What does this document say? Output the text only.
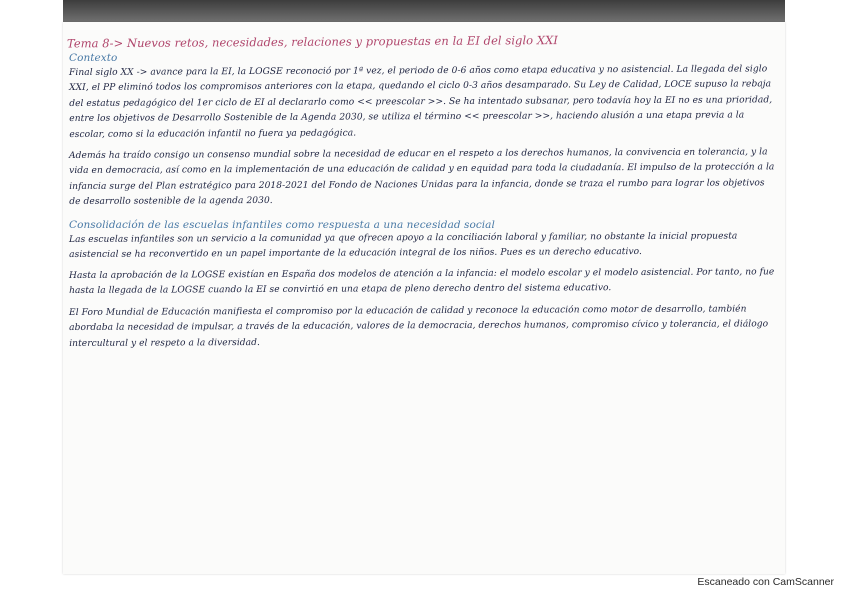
Tema 8-> Nuevos retos, necesidades, relaciones y propuestas en la EI del siglo XXI
Contexto

Final siglo XX -> avance para la EI, la LOGSE reconoció por 1ª vez, el periodo de 0-6 años como etapa educativa y no asistencial. La llegada del siglo XXI, el PP eliminó todos los compromisos anteriores con la etapa, quedando el ciclo 0-3 años desamparado. Su Ley de Calidad, LOCE supuso la rebaja del estatus pedagógico del 1er ciclo de EI al declararlo como << preescolar >>. Se ha intentado subsanar, pero todavía hoy la EI no es una prioridad, entre los objetivos de Desarrollo Sostenible de la Agenda 2030, se utiliza el término << preescolar >>, haciendo alusión a una etapa previa a la escolar, como si la educación infantil no fuera ya pedagógica.

Además ha traído consigo un consenso mundial sobre la necesidad de educar en el respeto a los derechos humanos, la convivencia en tolerancia, y la vida en democracia, así como en la implementación de una educación de calidad y en equidad para toda la ciudadanía. El impulso de la protección a la infancia surge del Plan estratégico para 2018-2021 del Fondo de Naciones Unidas para la infancia, donde se traza el rumbo para lograr los objetivos de desarrollo sostenible de la agenda 2030.

Consolidación de las escuelas infantiles como respuesta a una necesidad social

Las escuelas infantiles son un servicio a la comunidad ya que ofrecen apoyo a la conciliación laboral y familiar, no obstante la inicial propuesta asistencial se ha reconvertido en un papel importante de la educación integral de los niños. Pues es un derecho educativo.

Hasta la aprobación de la LOGSE existían en España dos modelos de atención a la infancia: el modelo escolar y el modelo asistencial. Por tanto, no fue hasta la llegada de la LOGSE cuando la EI se convirtió en una etapa de pleno derecho dentro del sistema educativo.

El Foro Mundial de Educación manifiesta el compromiso por la educación de calidad y reconoce la educación como motor de desarrollo, también abordaba la necesidad de impulsar, a través de la educación, valores de la democracia, derechos humanos, compromiso cívico y tolerancia, el diálogo intercultural y el respeto a la diversidad.

Escaneado con CamScanner
